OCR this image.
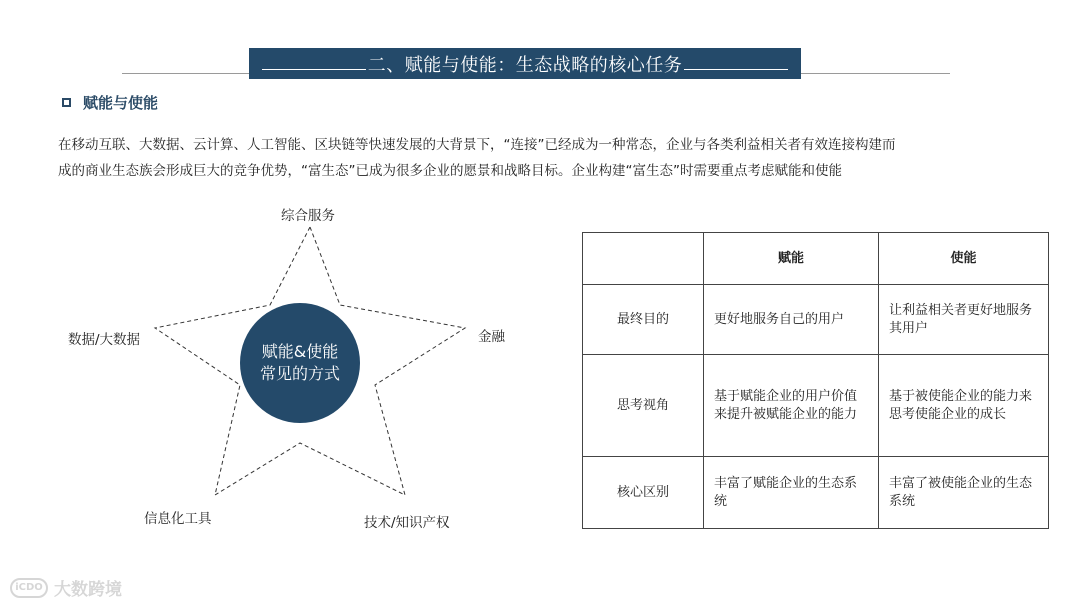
二、赋能与使能：生态战略的核心任务
赋能与使能
在移动互联、大数据、云计算、人工智能、区块链等快速发展的大背景下，“连接”已经成为一种常态，企业与各类利益相关者有效连接构建而
成的商业生态族会形成巨大的竞争优势，“富生态”已成为很多企业的愿景和战略目标。企业构建“富生态”时需要重点考虑赋能和使能
赋能&使能常见的方式
综合服务
金融
技术/知识产权
信息化工具
数据/大数据
	赋能	使能
最终目的	更好地服务自己的用户	让利益相关者更好地服务其用户
思考视角	基于赋能企业的用户价值来提升被赋能企业的能力	基于被使能企业的能力来思考使能企业的成长
核心区别	丰富了赋能企业的生态系统	丰富了被使能企业的生态系统
iCDO 大数跨境
